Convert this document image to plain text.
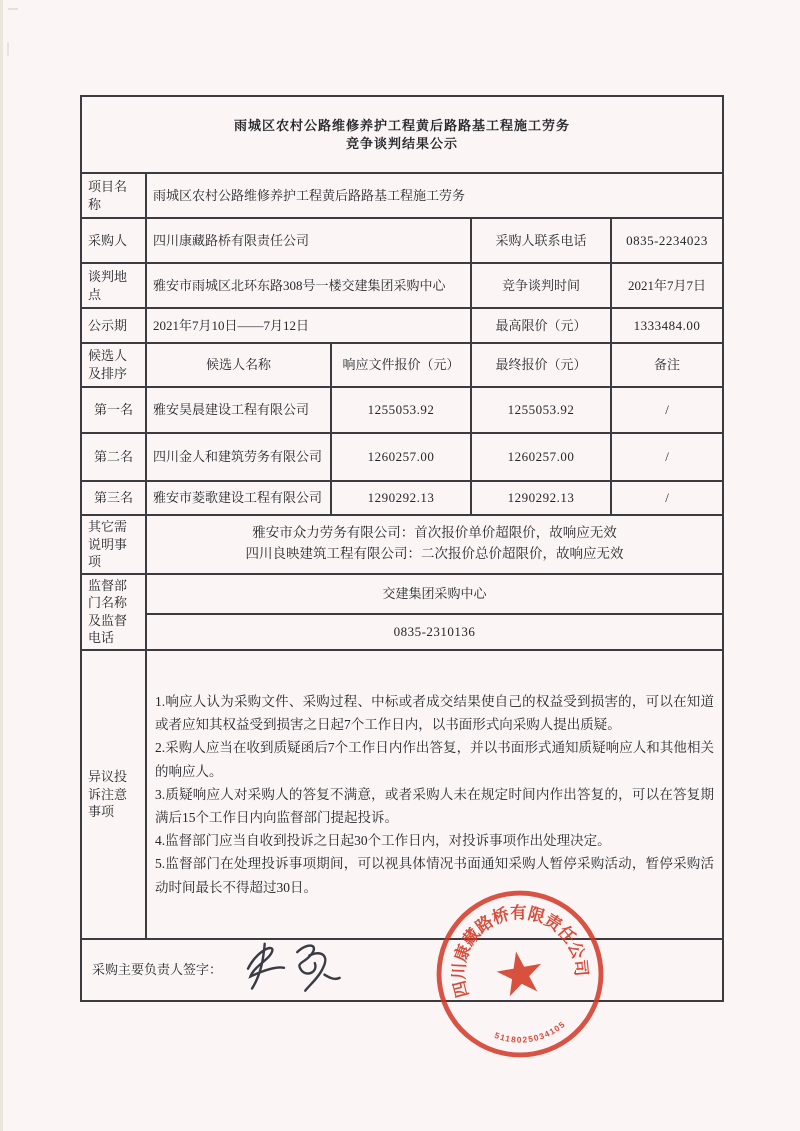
雨城区农村公路维修养护工程黄后路路基工程施工劳务
竞争谈判结果公示				

项目名称	雨城区农村公路维修养护工程黄后路路基工程施工劳务			
采购人	四川康藏路桥有限责任公司		采购人联系电话	0835-2234023
谈判地点	雅安市雨城区北环东路308号一楼交建集团采购中心		竞争谈判时间	2021年7月7日
公示期	2021年7月10日——7月12日		最高限价（元）	1333484.00
候选人及排序	候选人名称	响应文件报价（元）	最终报价（元）	备注
第一名	雅安昊晨建设工程有限公司	1255053.92	1255053.92	/
第二名	四川金人和建筑劳务有限公司	1260257.00	1260257.00	/
第三名	雅安市菱歌建设工程有限公司	1290292.13	1290292.13	/
其它需说明事项	雅安市众力劳务有限公司：首次报价单价超限价，故响应无效
四川良映建筑工程有限公司：二次报价总价超限价，故响应无效			

监督部门名称及监督电话	交建集团采购中心			
	0835-2310136			
异议投诉注意事项	1.响应人认为采购文件、采购过程、中标或者成交结果使自己的权益受到损害的，可以在知道或者应知其权益受到损害之日起7个工作日内，以书面形式向采购人提出质疑。
2.采购人应当在收到质疑函后7个工作日内作出答复，并以书面形式通知质疑响应人和其他相关的响应人。
3.质疑响应人对采购人的答复不满意，或者采购人未在规定时间内作出答复的，可以在答复期满后15个工作日内向监督部门提起投诉。
4.监督部门应当自收到投诉之日起30个工作日内，对投诉事项作出处理决定。
5.监督部门在处理投诉事项期间，可以视具体情况书面通知采购人暂停采购活动，暂停采购活动时间最长不得超过30日。			

采购主要负责人签字：				
四川康藏路桥有限责任公司
5118025034105
